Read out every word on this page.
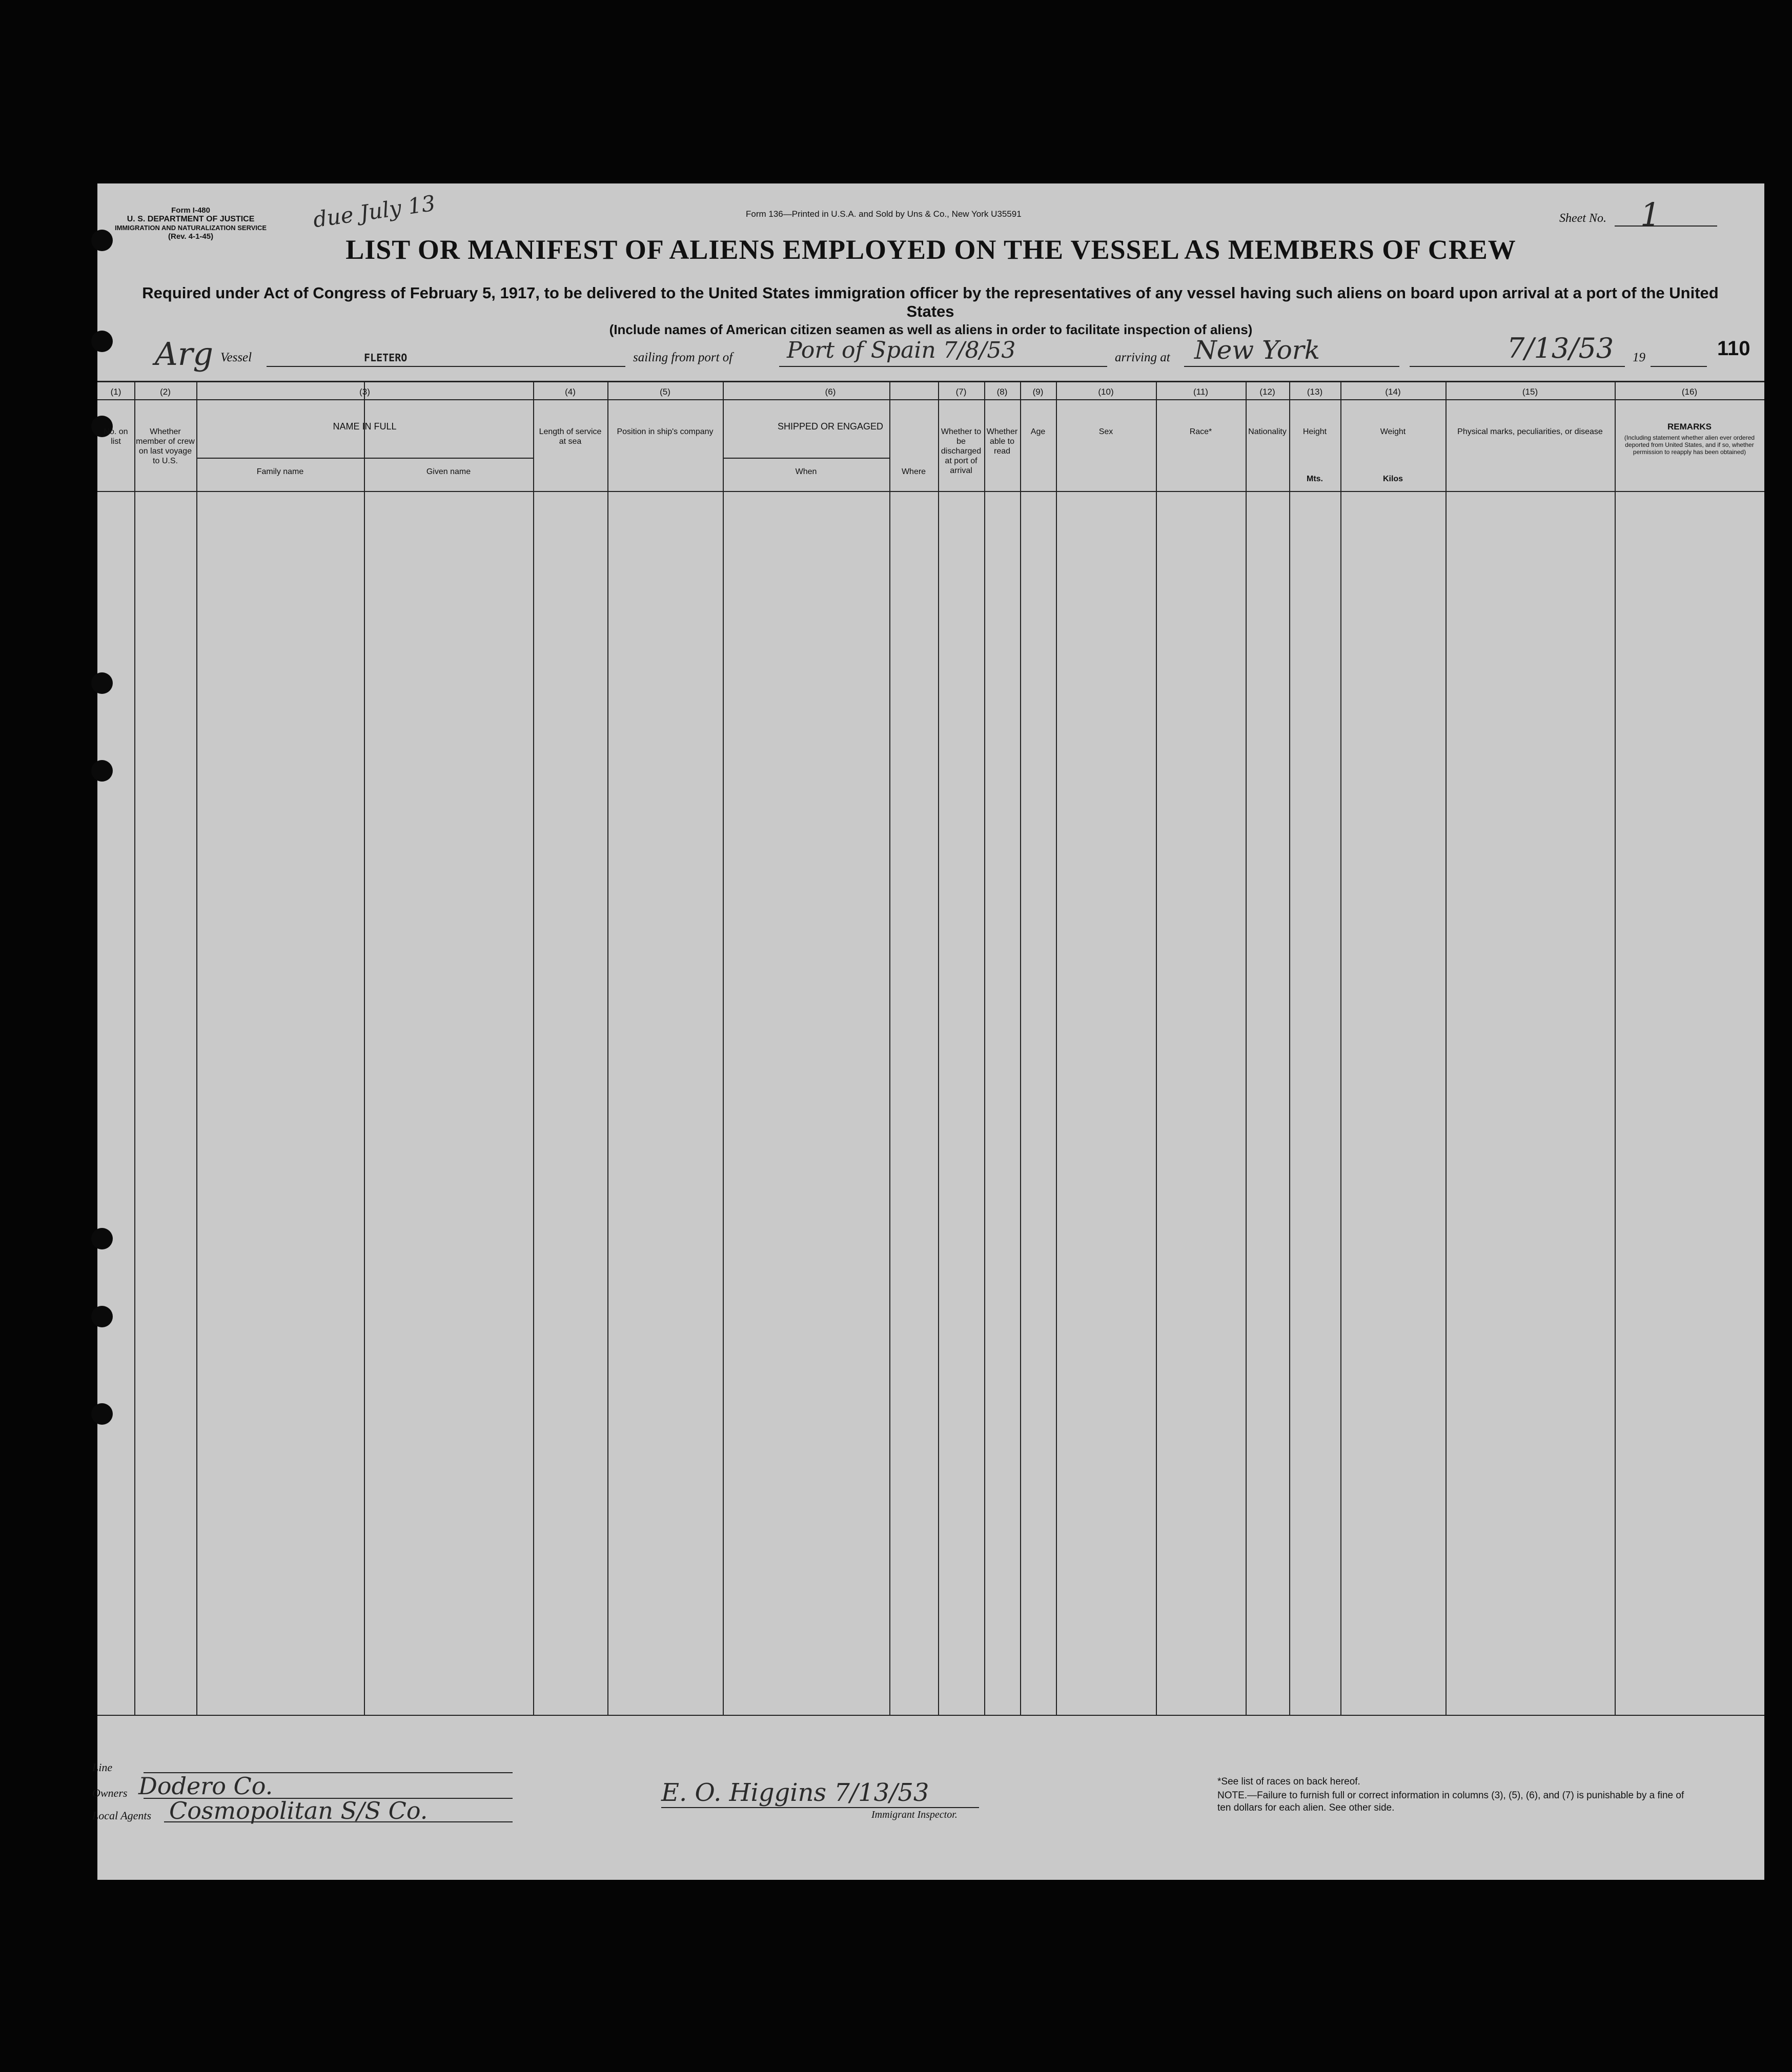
Form I-480
U. S. DEPARTMENT OF JUSTICE
IMMIGRATION AND NATURALIZATION SERVICE
(Rev. 4-1-45)
due July 13	Form 136—Printed in U.S.A. and Sold by Uns & Co., New York U35591	Sheet No. 1
LIST OR MANIFEST OF ALIENS EMPLOYED ON THE VESSEL AS MEMBERS OF CREW
Required under Act of Congress of February 5, 1917, to be delivered to the United States immigration officer by the representatives of any vessel having such aliens on board upon arrival at a port of the United States
(Include names of American citizen seamen as well as aliens in order to facilitate inspection of aliens)
Arg Vessel	FLETERO	sailing from port of Port of Spain 7/8/53	arriving at New York	7/13/53 19	110
(1)
No. on list
(2)
Whether member of crew on last voyage to U.S.
(3)
NAME IN FULL
Family name	Given name
(4)
Length of service at sea
(5)
Position in ship's company
(6)
SHIPPED OR ENGAGED
When	Where
(7)
Whether to be discharged at port of arrival
(8)
Whether able to read
(9)
Age
(10)
Sex
(11)
Race*
(12)
Nationality
(13)
Height
Mts.
(14)
Weight
Kilos
(15)
Physical marks, peculiarities, or disease
(16)
REMARKS
(Including statement whether alien ever ordered deported from United States, and if so, whether permission to reapply has been obtained)
Line
Owners Dodero Co.
Local Agents Cosmopolitan S/S Co.
E. O. Higgins 7/13/53
Immigrant Inspector.
*See list of races on back hereof.
NOTE.—Failure to furnish full or correct information in columns (3), (5), (6), and (7) is punishable by a fine of ten dollars for each alien. See other side.
